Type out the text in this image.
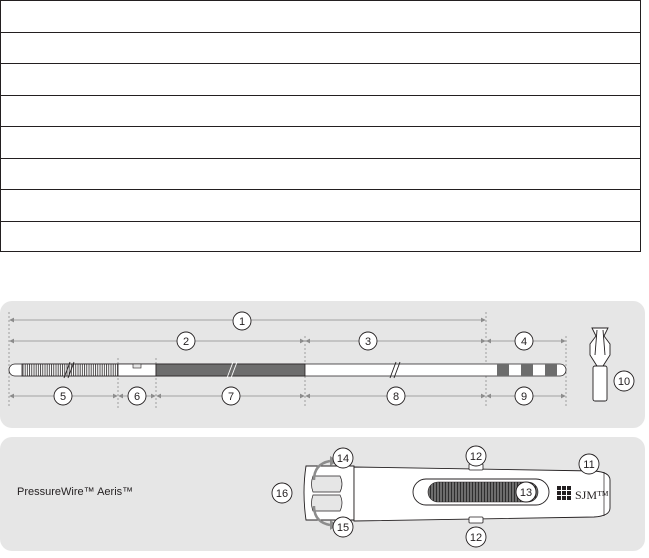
SJM™
1
2	3	4
5	6	7	8	9
10
11
12
12
13
14
15
16
PressureWire™ Aeris™
